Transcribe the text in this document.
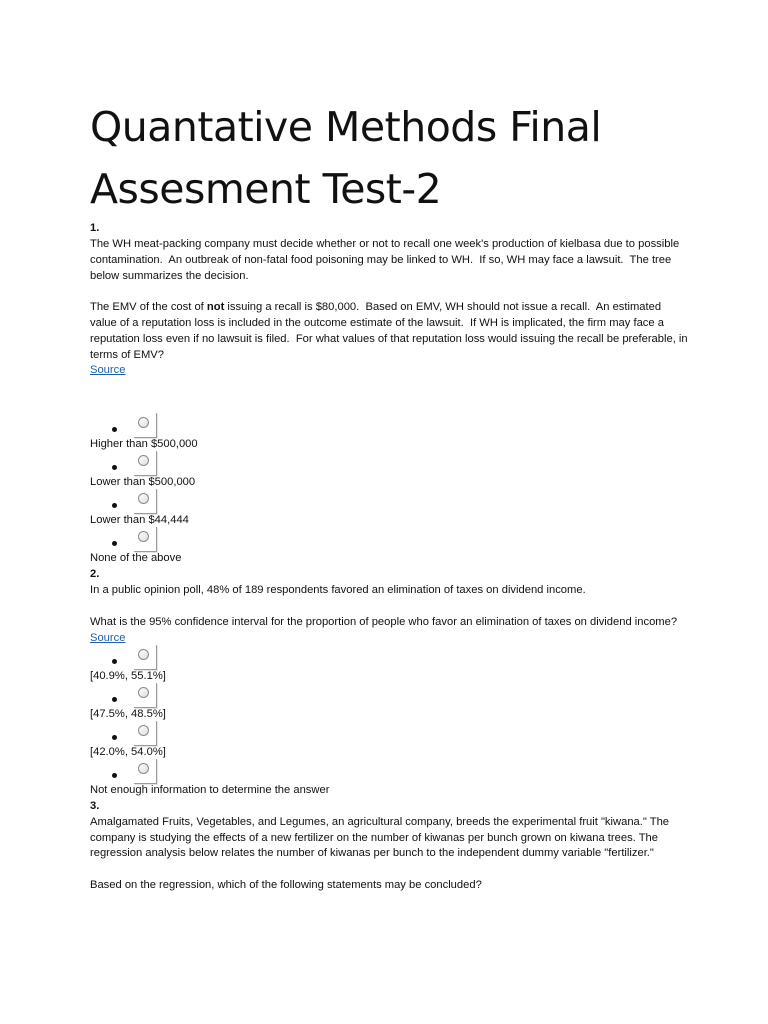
Quantative Methods Final Assesment Test-2
1.

The WH meat-packing company must decide whether or not to recall one week's production of kielbasa due to possible contamination.  An outbreak of non-fatal food poisoning may be linked to WH.  If so, WH may face a lawsuit.  The tree below summarizes the decision.

The EMV of the cost of not issuing a recall is $80,000.  Based on EMV, WH should not issue a recall.  An estimated value of a reputation loss is included in the outcome estimate of the lawsuit.  If WH is implicated, the firm may face a reputation loss even if no lawsuit is filed.  For what values of that reputation loss would issuing the recall be preferable, in terms of EMV?

Source
Higher than $500,000
Lower than $500,000
Lower than $44,444
None of the above
2.

In a public opinion poll, 48% of 189 respondents favored an elimination of taxes on dividend income.

What is the 95% confidence interval for the proportion of people who favor an elimination of taxes on dividend income?

Source
[40.9%, 55.1%]
[47.5%, 48.5%]
[42.0%, 54.0%]
Not enough information to determine the answer
3.

Amalgamated Fruits, Vegetables, and Legumes, an agricultural company, breeds the experimental fruit "kiwana." The company is studying the effects of a new fertilizer on the number of kiwanas per bunch grown on kiwana trees. The regression analysis below relates the number of kiwanas per bunch to the independent dummy variable "fertilizer."

Based on the regression, which of the following statements may be concluded?
